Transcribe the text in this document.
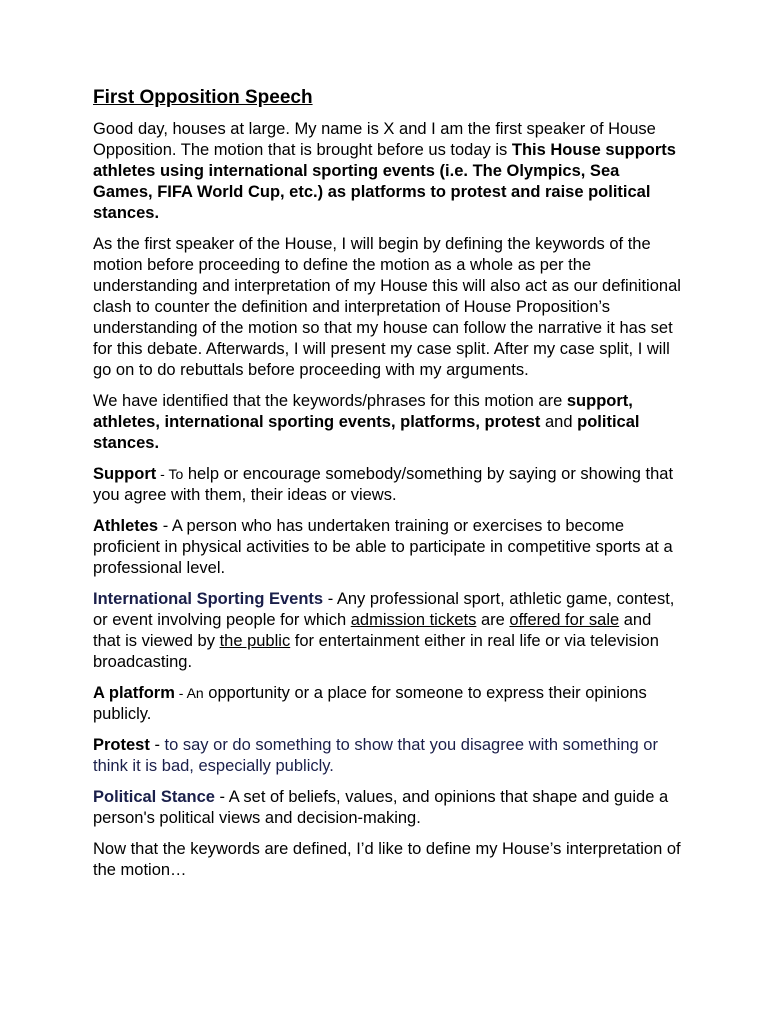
First Opposition Speech

Good day, houses at large. My name is X and I am the first speaker of House Opposition. The motion that is brought before us today is This House supports athletes using international sporting events (i.e. The Olympics, Sea Games, FIFA World Cup, etc.) as platforms to protest and raise political stances.

As the first speaker of the House, I will begin by defining the keywords of the motion before proceeding to define the motion as a whole as per the understanding and interpretation of my House this will also act as our definitional clash to counter the definition and interpretation of House Proposition’s understanding of the motion so that my house can follow the narrative it has set for this debate. Afterwards, I will present my case split. After my case split, I will go on to do rebuttals before proceeding with my arguments.

We have identified that the keywords/phrases for this motion are support, athletes, international sporting events, platforms, protest and political stances.

Support - To help or encourage somebody/something by saying or showing that you agree with them, their ideas or views.

Athletes - A person who has undertaken training or exercises to become proficient in physical activities to be able to participate in competitive sports at a professional level.

International Sporting Events - Any professional sport, athletic game, contest, or event involving people for which admission tickets are offered for sale and that is viewed by the public for entertainment either in real life or via television broadcasting.

A platform - An opportunity or a place for someone to express their opinions publicly.

Protest - to say or do something to show that you disagree with something or think it is bad, especially publicly.

Political Stance - A set of beliefs, values, and opinions that shape and guide a person's political views and decision-making.

Now that the keywords are defined, I’d like to define my House’s interpretation of the motion…
